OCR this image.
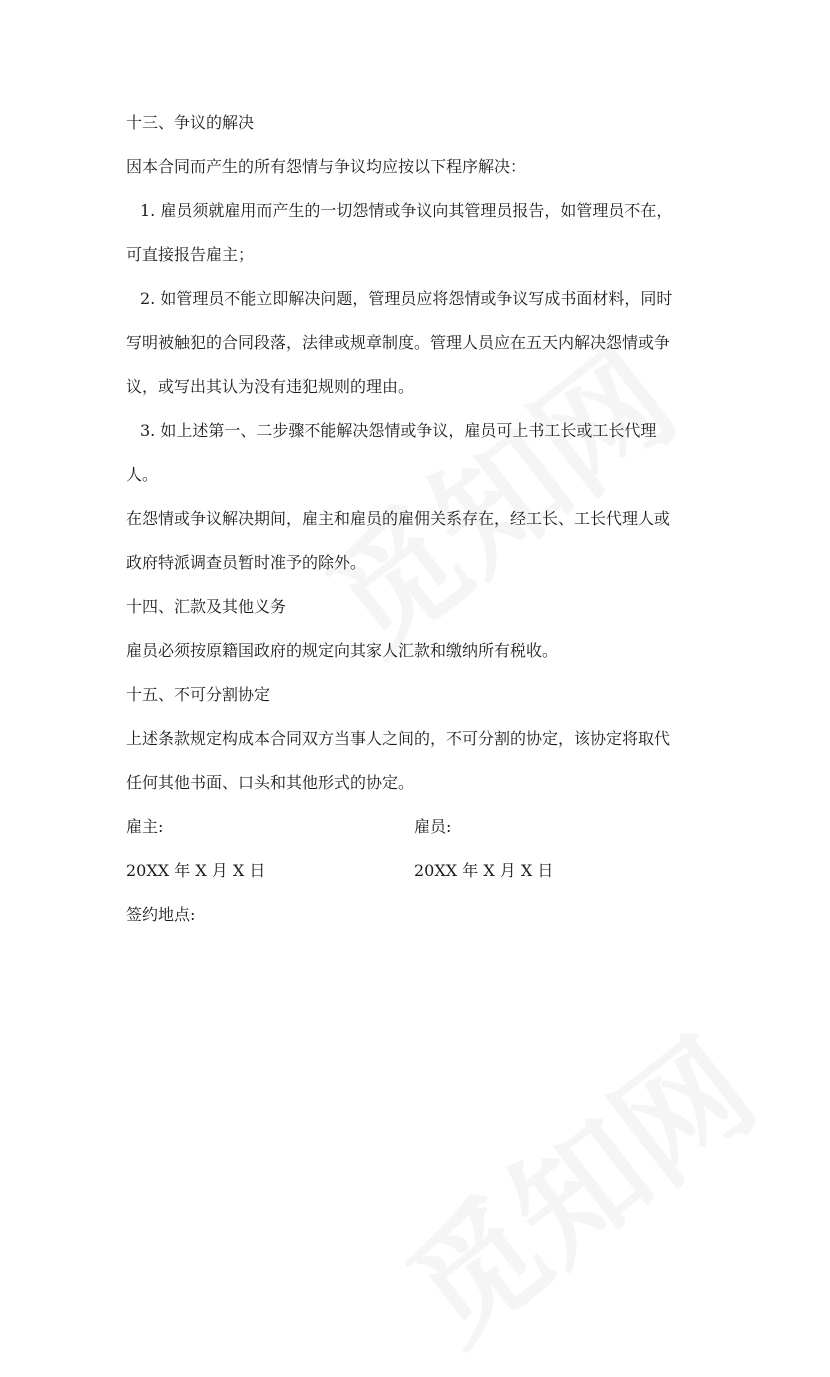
十三、争议的解决

因本合同而产生的所有怨情与争议均应按以下程序解决：

1. 雇员须就雇用而产生的一切怨情或争议向其管理员报告，如管理员不在，

可直接报告雇主；

2. 如管理员不能立即解决问题，管理员应将怨情或争议写成书面材料，同时

写明被触犯的合同段落，法律或规章制度。管理人员应在五天内解决怨情或争

议，或写出其认为没有违犯规则的理由。

3. 如上述第一、二步骤不能解决怨情或争议，雇员可上书工长或工长代理

人。

在怨情或争议解决期间，雇主和雇员的雇佣关系存在，经工长、工长代理人或

政府特派调查员暂时准予的除外。

十四、汇款及其他义务

雇员必须按原籍国政府的规定向其家人汇款和缴纳所有税收。

十五、不可分割协定

上述条款规定构成本合同双方当事人之间的，不可分割的协定，该协定将取代

任何其他书面、口头和其他形式的协定。

雇主:	雇员:

20XX 年 X 月 X 日	20XX 年 X 月 X 日

签约地点:
